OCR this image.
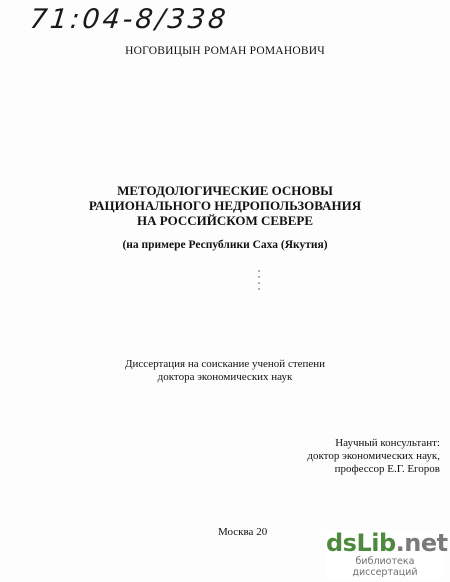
71:04-8/338
НОГОВИЦЫН РОМАН РОМАНОВИЧ
МЕТОДОЛОГИЧЕСКИЕ ОСНОВЫ
РАЦИОНАЛЬНОГО НЕДРОПОЛЬЗОВАНИЯ
НА РОССИЙСКОМ СЕВЕРЕ
(на примере Республики Саха (Якутия)
Диссертация на соискание ученой степени
доктора экономических наук
Научный консультант:
доктор экономических наук,
профессор Е.Г. Егоров
Москва 20 dsLib.net
библиотека диссертаций
